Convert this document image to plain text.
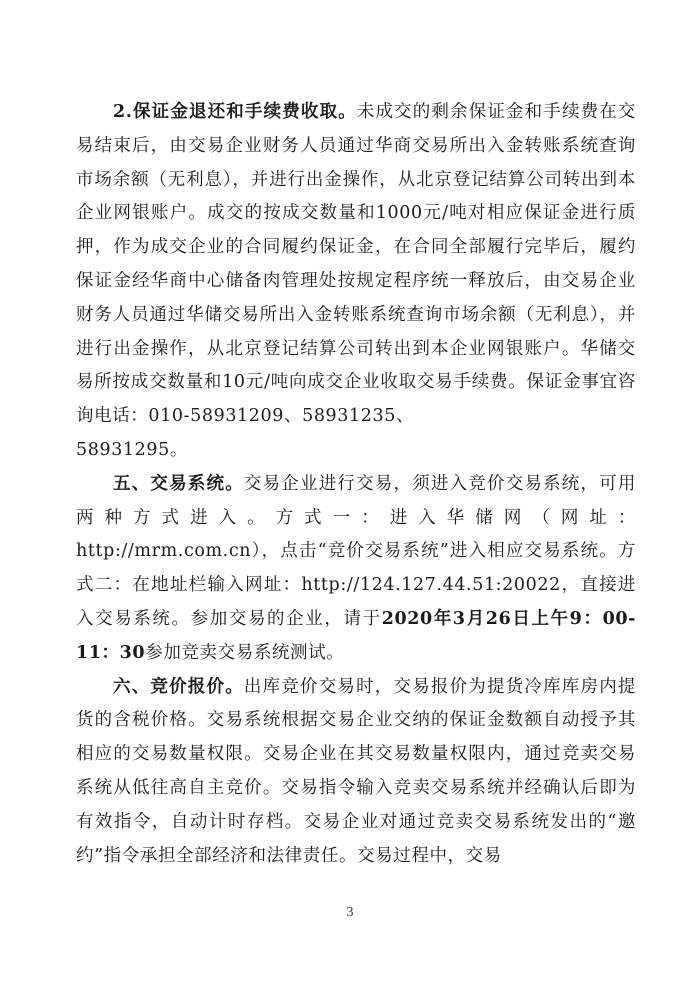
2.保证金退还和手续费收取。未成交的剩余保证金和手续费在交易结束后，由交易企业财务人员通过华商交易所出入金转账系统查询市场余额（无利息），并进行出金操作，从北京登记结算公司转出到本企业网银账户。成交的按成交数量和1000元/吨对相应保证金进行质押，作为成交企业的合同履约保证金，在合同全部履行完毕后，履约保证金经华商中心储备肉管理处按规定程序统一释放后，由交易企业财务人员通过华储交易所出入金转账系统查询市场余额（无利息），并进行出金操作，从北京登记结算公司转出到本企业网银账户。华储交易所按成交数量和10元/吨向成交企业收取交易手续费。保证金事宜咨询电话：010-58931209、58931235、

58931295。

五、交易系统。交易企业进行交易，须进入竞价交易系统，可用两种方式进入。方式一：进入华储网（网址：http://mrm.com.cn），点击“竞价交易系统”进入相应交易系统。方式二：在地址栏输入网址：http://124.127.44.51:20022，直接进入交易系统。参加交易的企业，请于2020年3月26日上午9：00-11：30参加竞卖交易系统测试。

六、竞价报价。出库竞价交易时，交易报价为提货冷库库房内提货的含税价格。交易系统根据交易企业交纳的保证金数额自动授予其相应的交易数量权限。交易企业在其交易数量权限内，通过竞卖交易系统从低往高自主竞价。交易指令输入竞卖交易系统并经确认后即为有效指令，自动计时存档。交易企业对通过竞卖交易系统发出的“邀约”指令承担全部经济和法律责任。交易过程中，交易

3
